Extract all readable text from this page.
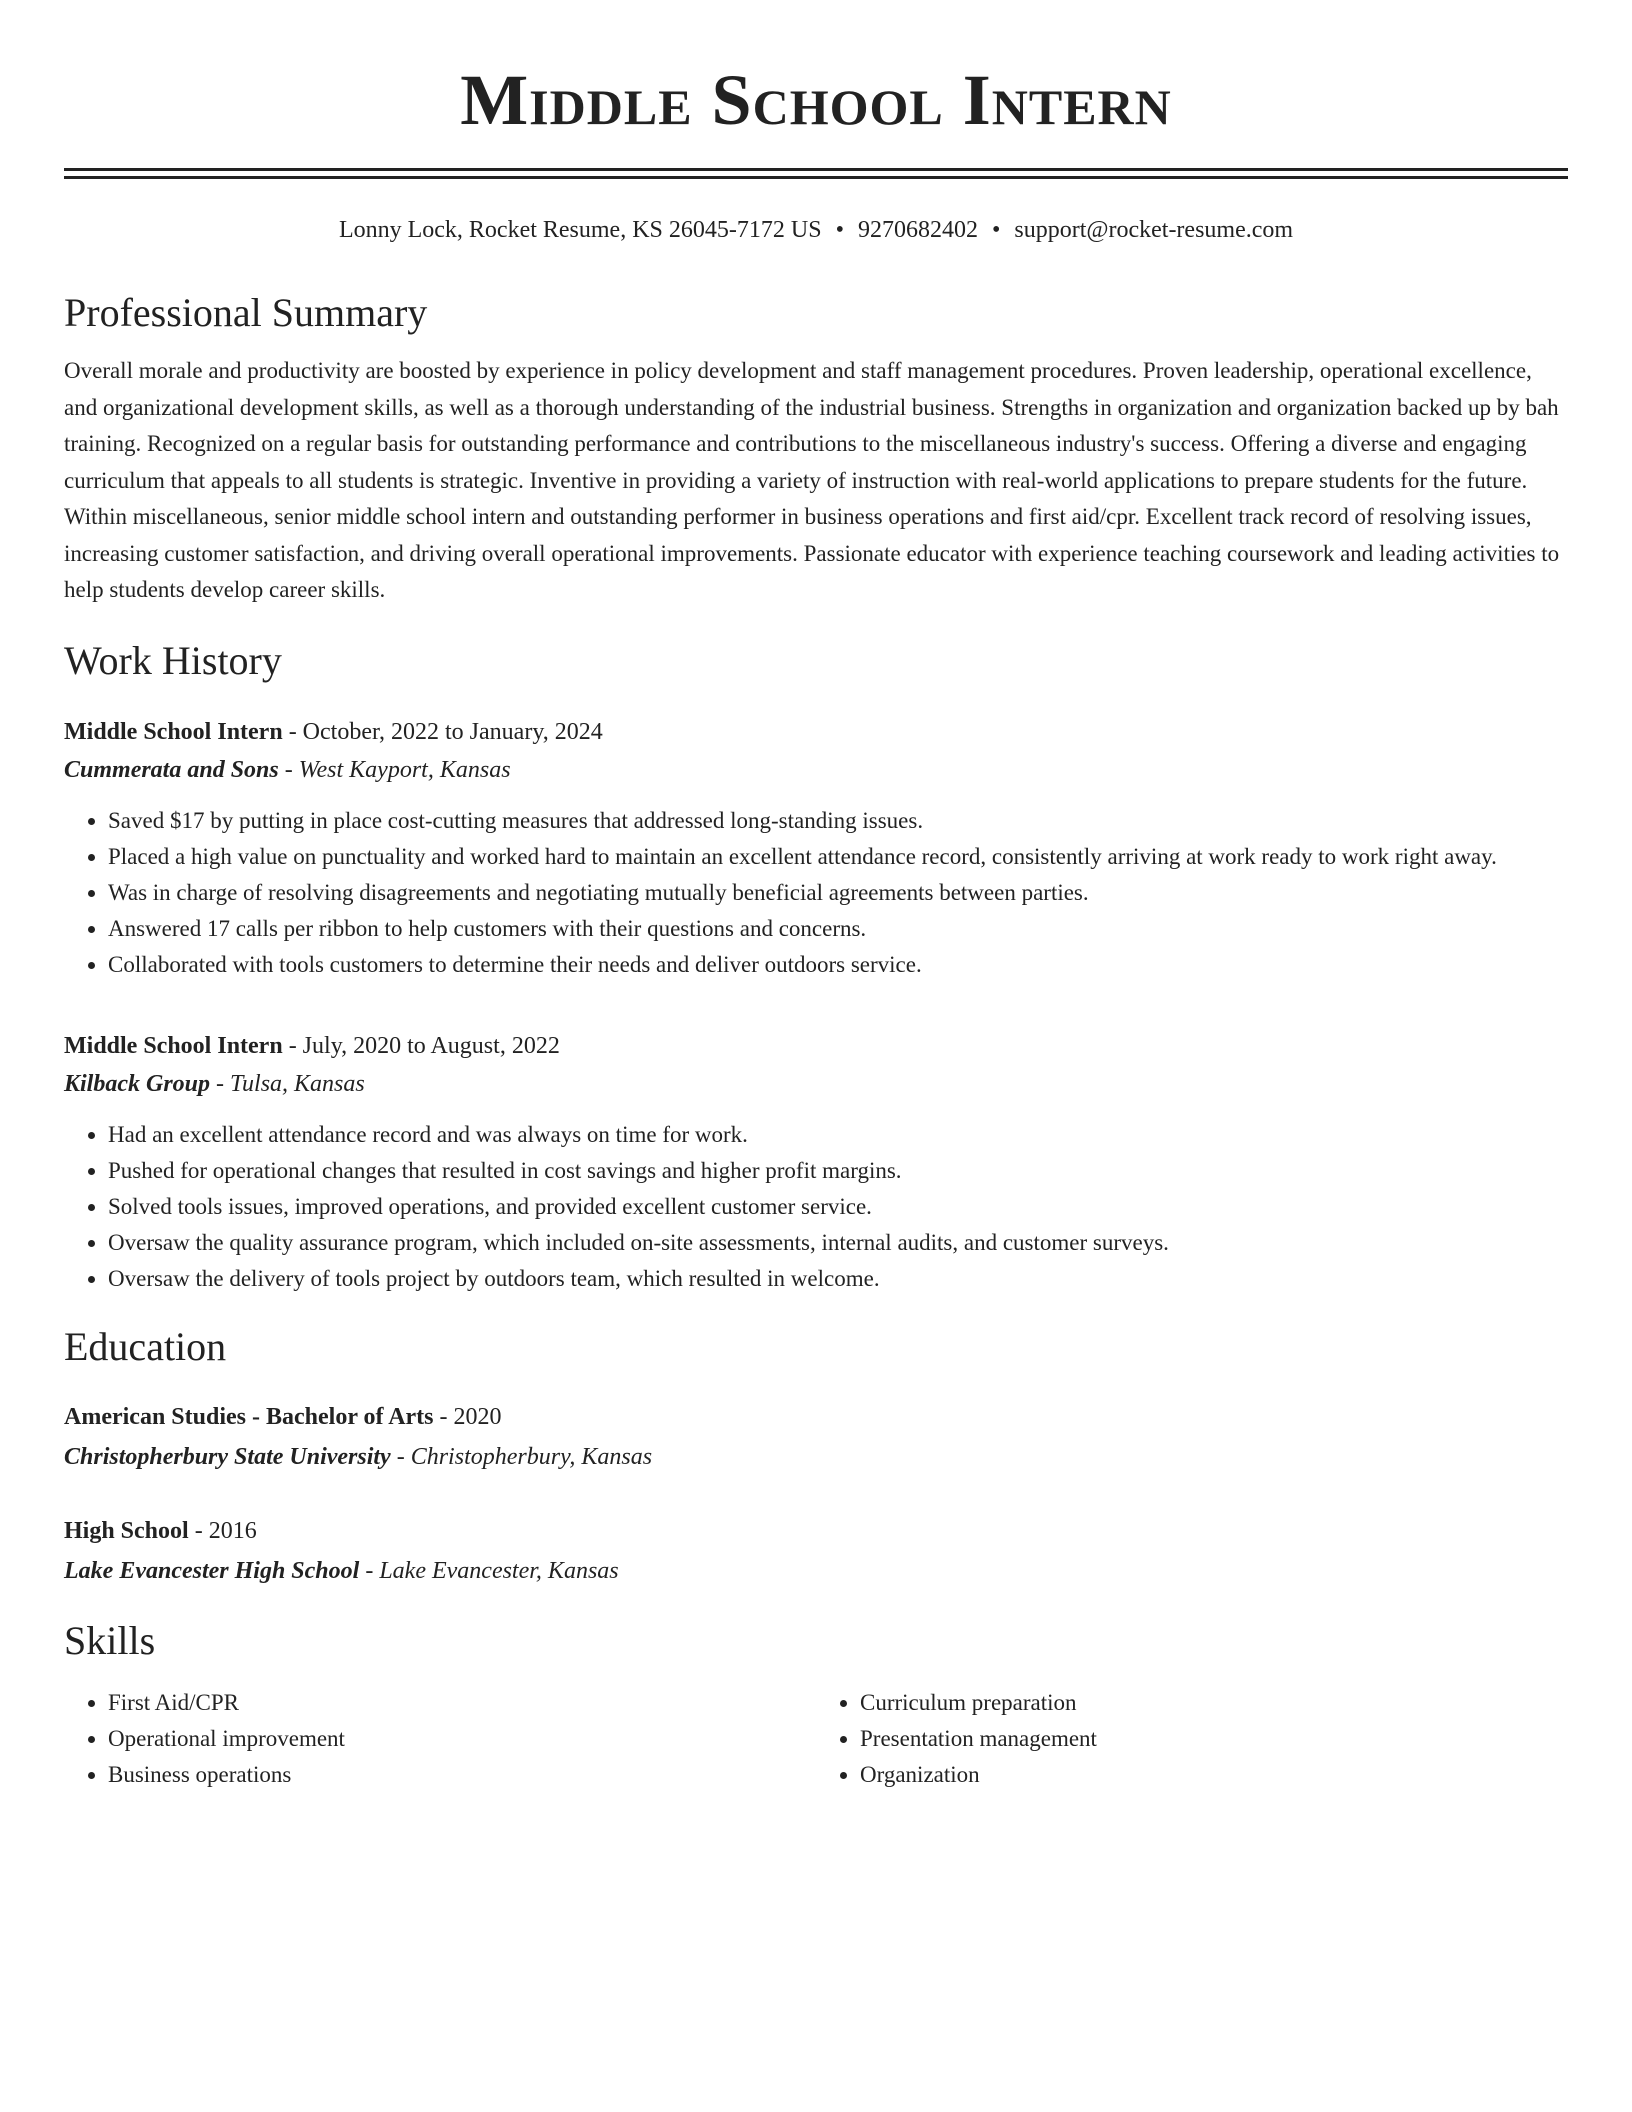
Middle School Intern
Lonny Lock, Rocket Resume, KS 26045-7172 US • 9270682402 • support@rocket-resume.com
Professional Summary

Overall morale and productivity are boosted by experience in policy development and staff management procedures. Proven leadership, operational excellence, and organizational development skills, as well as a thorough understanding of the industrial business. Strengths in organization and organization backed up by bah training. Recognized on a regular basis for outstanding performance and contributions to the miscellaneous industry's success. Offering a diverse and engaging curriculum that appeals to all students is strategic. Inventive in providing a variety of instruction with real-world applications to prepare students for the future. Within miscellaneous, senior middle school intern and outstanding performer in business operations and first aid/cpr. Excellent track record of resolving issues, increasing customer satisfaction, and driving overall operational improvements. Passionate educator with experience teaching coursework and leading activities to help students develop career skills.

Work History
Middle School Intern - October, 2022 to January, 2024
Cummerata and Sons - West Kayport, Kansas
• Saved $17 by putting in place cost-cutting measures that addressed long-standing issues.
• Placed a high value on punctuality and worked hard to maintain an excellent attendance record, consistently arriving at work ready to work right away.
• Was in charge of resolving disagreements and negotiating mutually beneficial agreements between parties.
• Answered 17 calls per ribbon to help customers with their questions and concerns.
• Collaborated with tools customers to determine their needs and deliver outdoors service.
Middle School Intern - July, 2020 to August, 2022
Kilback Group - Tulsa, Kansas
• Had an excellent attendance record and was always on time for work.
• Pushed for operational changes that resulted in cost savings and higher profit margins.
• Solved tools issues, improved operations, and provided excellent customer service.
• Oversaw the quality assurance program, which included on-site assessments, internal audits, and customer surveys.
• Oversaw the delivery of tools project by outdoors team, which resulted in welcome.
Education
American Studies - Bachelor of Arts - 2020
Christopherbury State University - Christopherbury, Kansas
High School - 2016
Lake Evancester High School - Lake Evancester, Kansas
Skills
• First Aid/CPR
• Operational improvement
• Business operations
• Curriculum preparation
• Presentation management
• Organization
